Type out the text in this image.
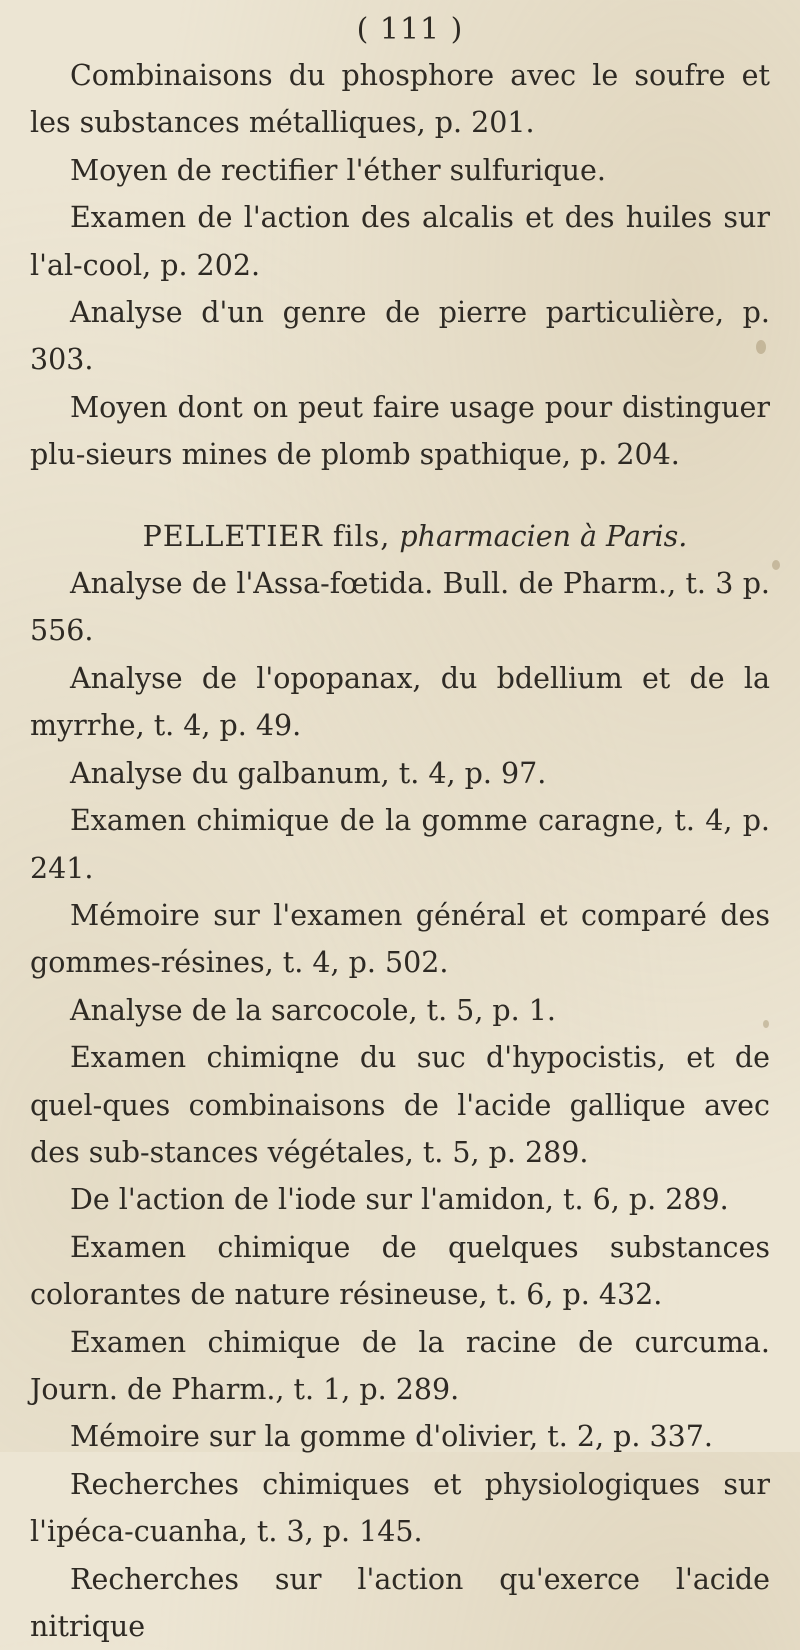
( 111 )

Combinaisons du phosphore avec le soufre et les substances métalliques, p. 201.

Moyen de rectifier l'éther sulfurique.

Examen de l'action des alcalis et des huiles sur l'al-cool, p. 202.

Analyse d'un genre de pierre particulière, p. 303.

Moyen dont on peut faire usage pour distinguer plu-sieurs mines de plomb spathique, p. 204.

PELLETIER fils, pharmacien à Paris.

Analyse de l'Assa-fœtida. Bull. de Pharm., t. 3 p. 556.

Analyse de l'opopanax, du bdellium et de la myrrhe, t. 4, p. 49.

Analyse du galbanum, t. 4, p. 97.

Examen chimique de la gomme caragne, t. 4, p. 241.

Mémoire sur l'examen général et comparé des gommes-résines, t. 4, p. 502.

Analyse de la sarcocole, t. 5, p. 1.

Examen chimiqne du suc d'hypocistis, et de quel-ques combinaisons de l'acide gallique avec des sub-stances végétales, t. 5, p. 289.

De l'action de l'iode sur l'amidon, t. 6, p. 289.

Examen chimique de quelques substances colorantes de nature résineuse, t. 6, p. 432.

Examen chimique de la racine de curcuma. Journ. de Pharm., t. 1, p. 289.

Mémoire sur la gomme d'olivier, t. 2, p. 337.

Recherches chimiques et physiologiques sur l'ipéca-cuanha, t. 3, p. 145.

Recherches sur l'action qu'exerce l'acide nitrique
